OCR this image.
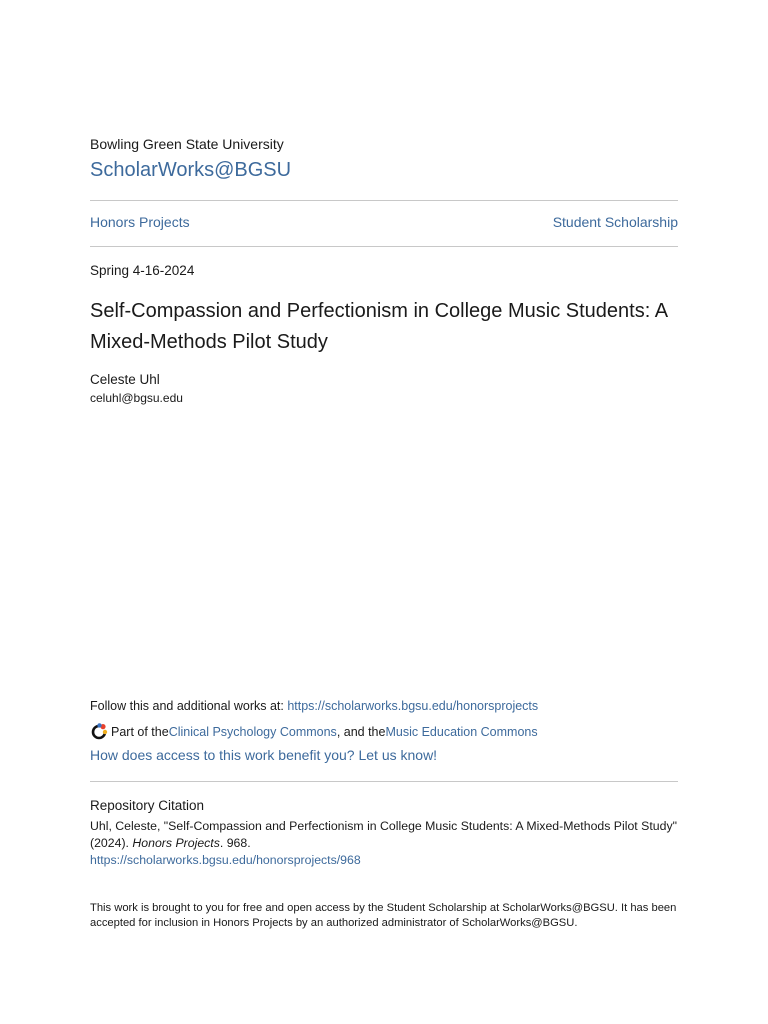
Bowling Green State University
ScholarWorks@BGSU
Honors Projects	Student Scholarship
Spring 4-16-2024
Self-Compassion and Perfectionism in College Music Students: A Mixed-Methods Pilot Study
Celeste Uhl
celuhl@bgsu.edu
Follow this and additional works at: https://scholarworks.bgsu.edu/honorsprojects
Part of the Clinical Psychology Commons , and the Music Education Commons
How does access to this work benefit you? Let us know!
Repository Citation
Uhl, Celeste, "Self-Compassion and Perfectionism in College Music Students: A Mixed-Methods Pilot Study" (2024). Honors Projects. 968.
https://scholarworks.bgsu.edu/honorsprojects/968
This work is brought to you for free and open access by the Student Scholarship at ScholarWorks@BGSU. It has been accepted for inclusion in Honors Projects by an authorized administrator of ScholarWorks@BGSU.
